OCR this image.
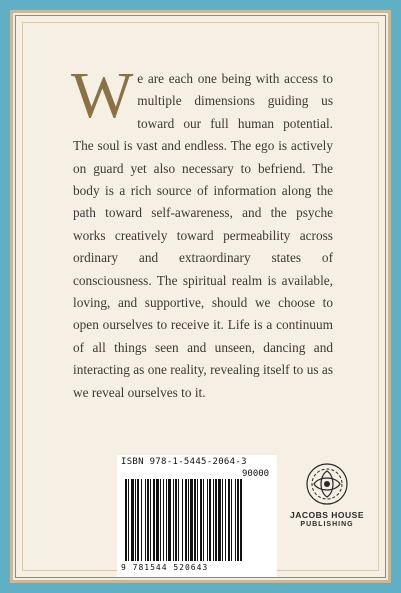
We are each one being with access to multiple dimensions guiding us toward our full human potential. The soul is vast and endless. The ego is actively on guard yet also necessary to befriend. The body is a rich source of information along the path toward self-awareness, and the psyche works creatively toward permeability across ordinary and extraordinary states of consciousness. The spiritual realm is available, loving, and supportive, should we choose to open ourselves to receive it. Life is a continuum of all things seen and unseen, dancing and interacting as one reality, revealing itself to us as we reveal ourselves to it.
ISBN 978-1-5445-2064-3
90000
9 781544 520643
JACOBS HOUSE
PUBLISHING
